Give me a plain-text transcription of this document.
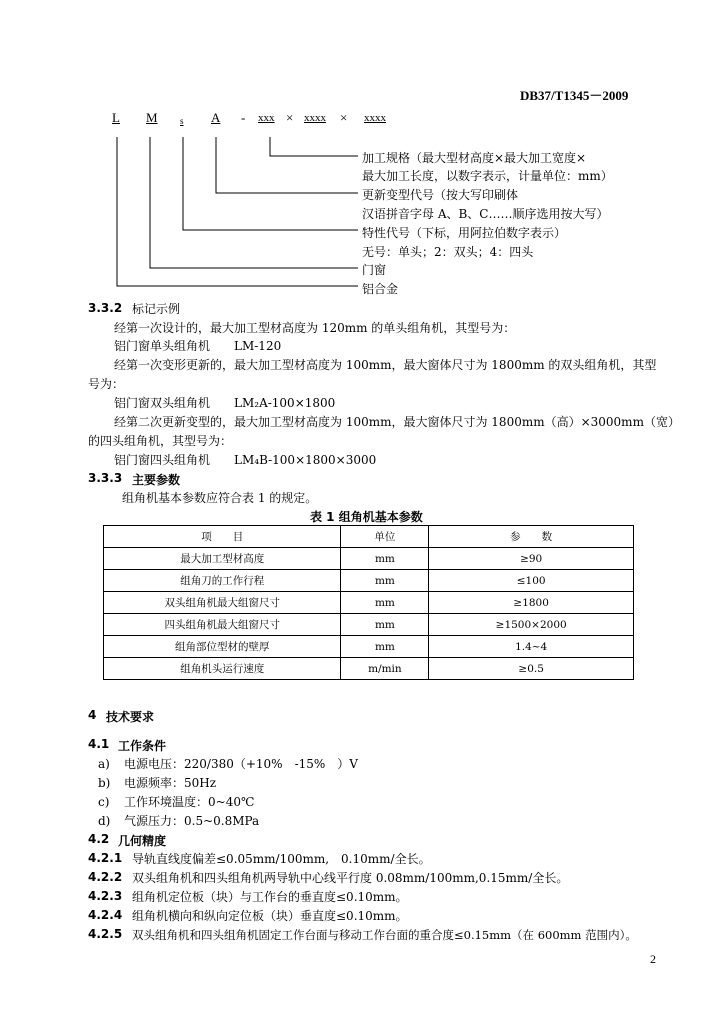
DB37/T1345－2009
L M s A - xxx × xxxx × xxxx
加工规格（最大型材高度×最大加工宽度×
最大加工长度，以数字表示，计量单位：mm）
更新变型代号（按大写印刷体
汉语拼音字母 A、B、C……顺序选用按大写）
特性代号（下标，用阿拉伯数字表示）
无号：单头；2：双头；4：四头
门窗
铝合金
3.3.2 标记示例
经第一次设计的，最大加工型材高度为 120mm 的单头组角机，其型号为：
铝门窗单头组角机　　LM-120
经第一次变形更新的，最大加工型材高度为 100mm，最大窗体尺寸为 1800mm 的双头组角机，其型
号为：
铝门窗双头组角机　　LM₂A-100×1800
经第二次更新变型的，最大加工型材高度为 100mm，最大窗体尺寸为 1800mm（高）×3000mm（宽）
的四头组角机，其型号为：
铝门窗四头组角机　　LM₄B-100×1800×3000
3.3.3 主要参数
组角机基本参数应符合表 1 的规定。
表 1 组角机基本参数
项　　目	单位	参　　数
最大加工型材高度	mm	≥90
组角刀的工作行程	mm	≤100
双头组角机最大组窗尺寸	mm	≥1800
四头组角机最大组窗尺寸	mm	≥1500×2000
组角部位型材的壁厚	mm	1.4~4
组角机头运行速度	m/min	≥0.5
4 技术要求
4.1 工作条件
a) 电源电压：220/380（+10%　-15%　）V
b) 电源频率：50Hz
c) 工作环境温度：0~40℃
d) 气源压力：0.5~0.8MPa
4.2 几何精度
4.2.1 导轨直线度偏差≤0.05mm/100mm,　0.10mm/全长。
4.2.2 双头组角机和四头组角机两导轨中心线平行度 0.08mm/100mm,0.15mm/全长。
4.2.3 组角机定位板（块）与工作台的垂直度≤0.10mm。
4.2.4 组角机横向和纵向定位板（块）垂直度≤0.10mm。
4.2.5 双头组角机和四头组角机固定工作台面与移动工作台面的重合度≤0.15mm（在 600mm 范围内）。
2
